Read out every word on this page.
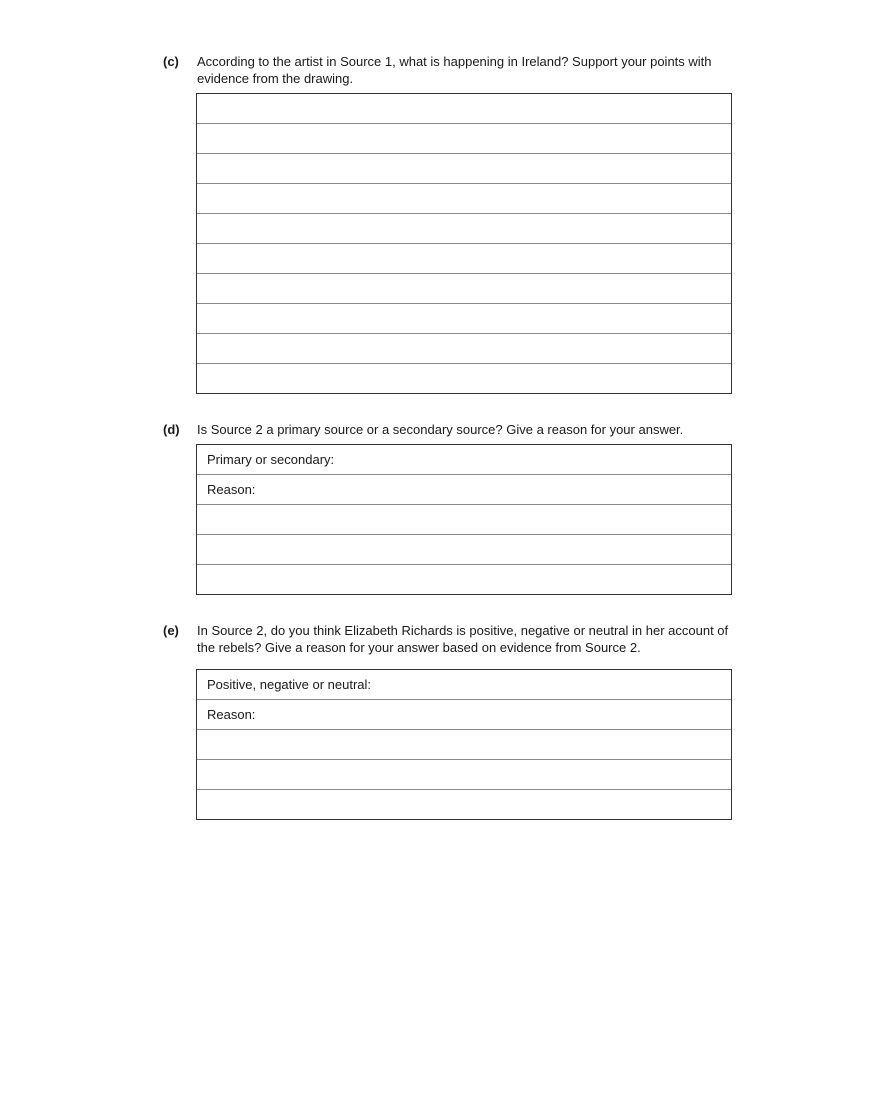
(c)	According to the artist in Source 1, what is happening in Ireland? Support your points with evidence from the drawing.
(d)	Is Source 2 a primary source or a secondary source? Give a reason for your answer.
Primary or secondary:
Reason:
(e)	In Source 2, do you think Elizabeth Richards is positive, negative or neutral in her account of the rebels? Give a reason for your answer based on evidence from Source 2.
Positive, negative or neutral:
Reason:
